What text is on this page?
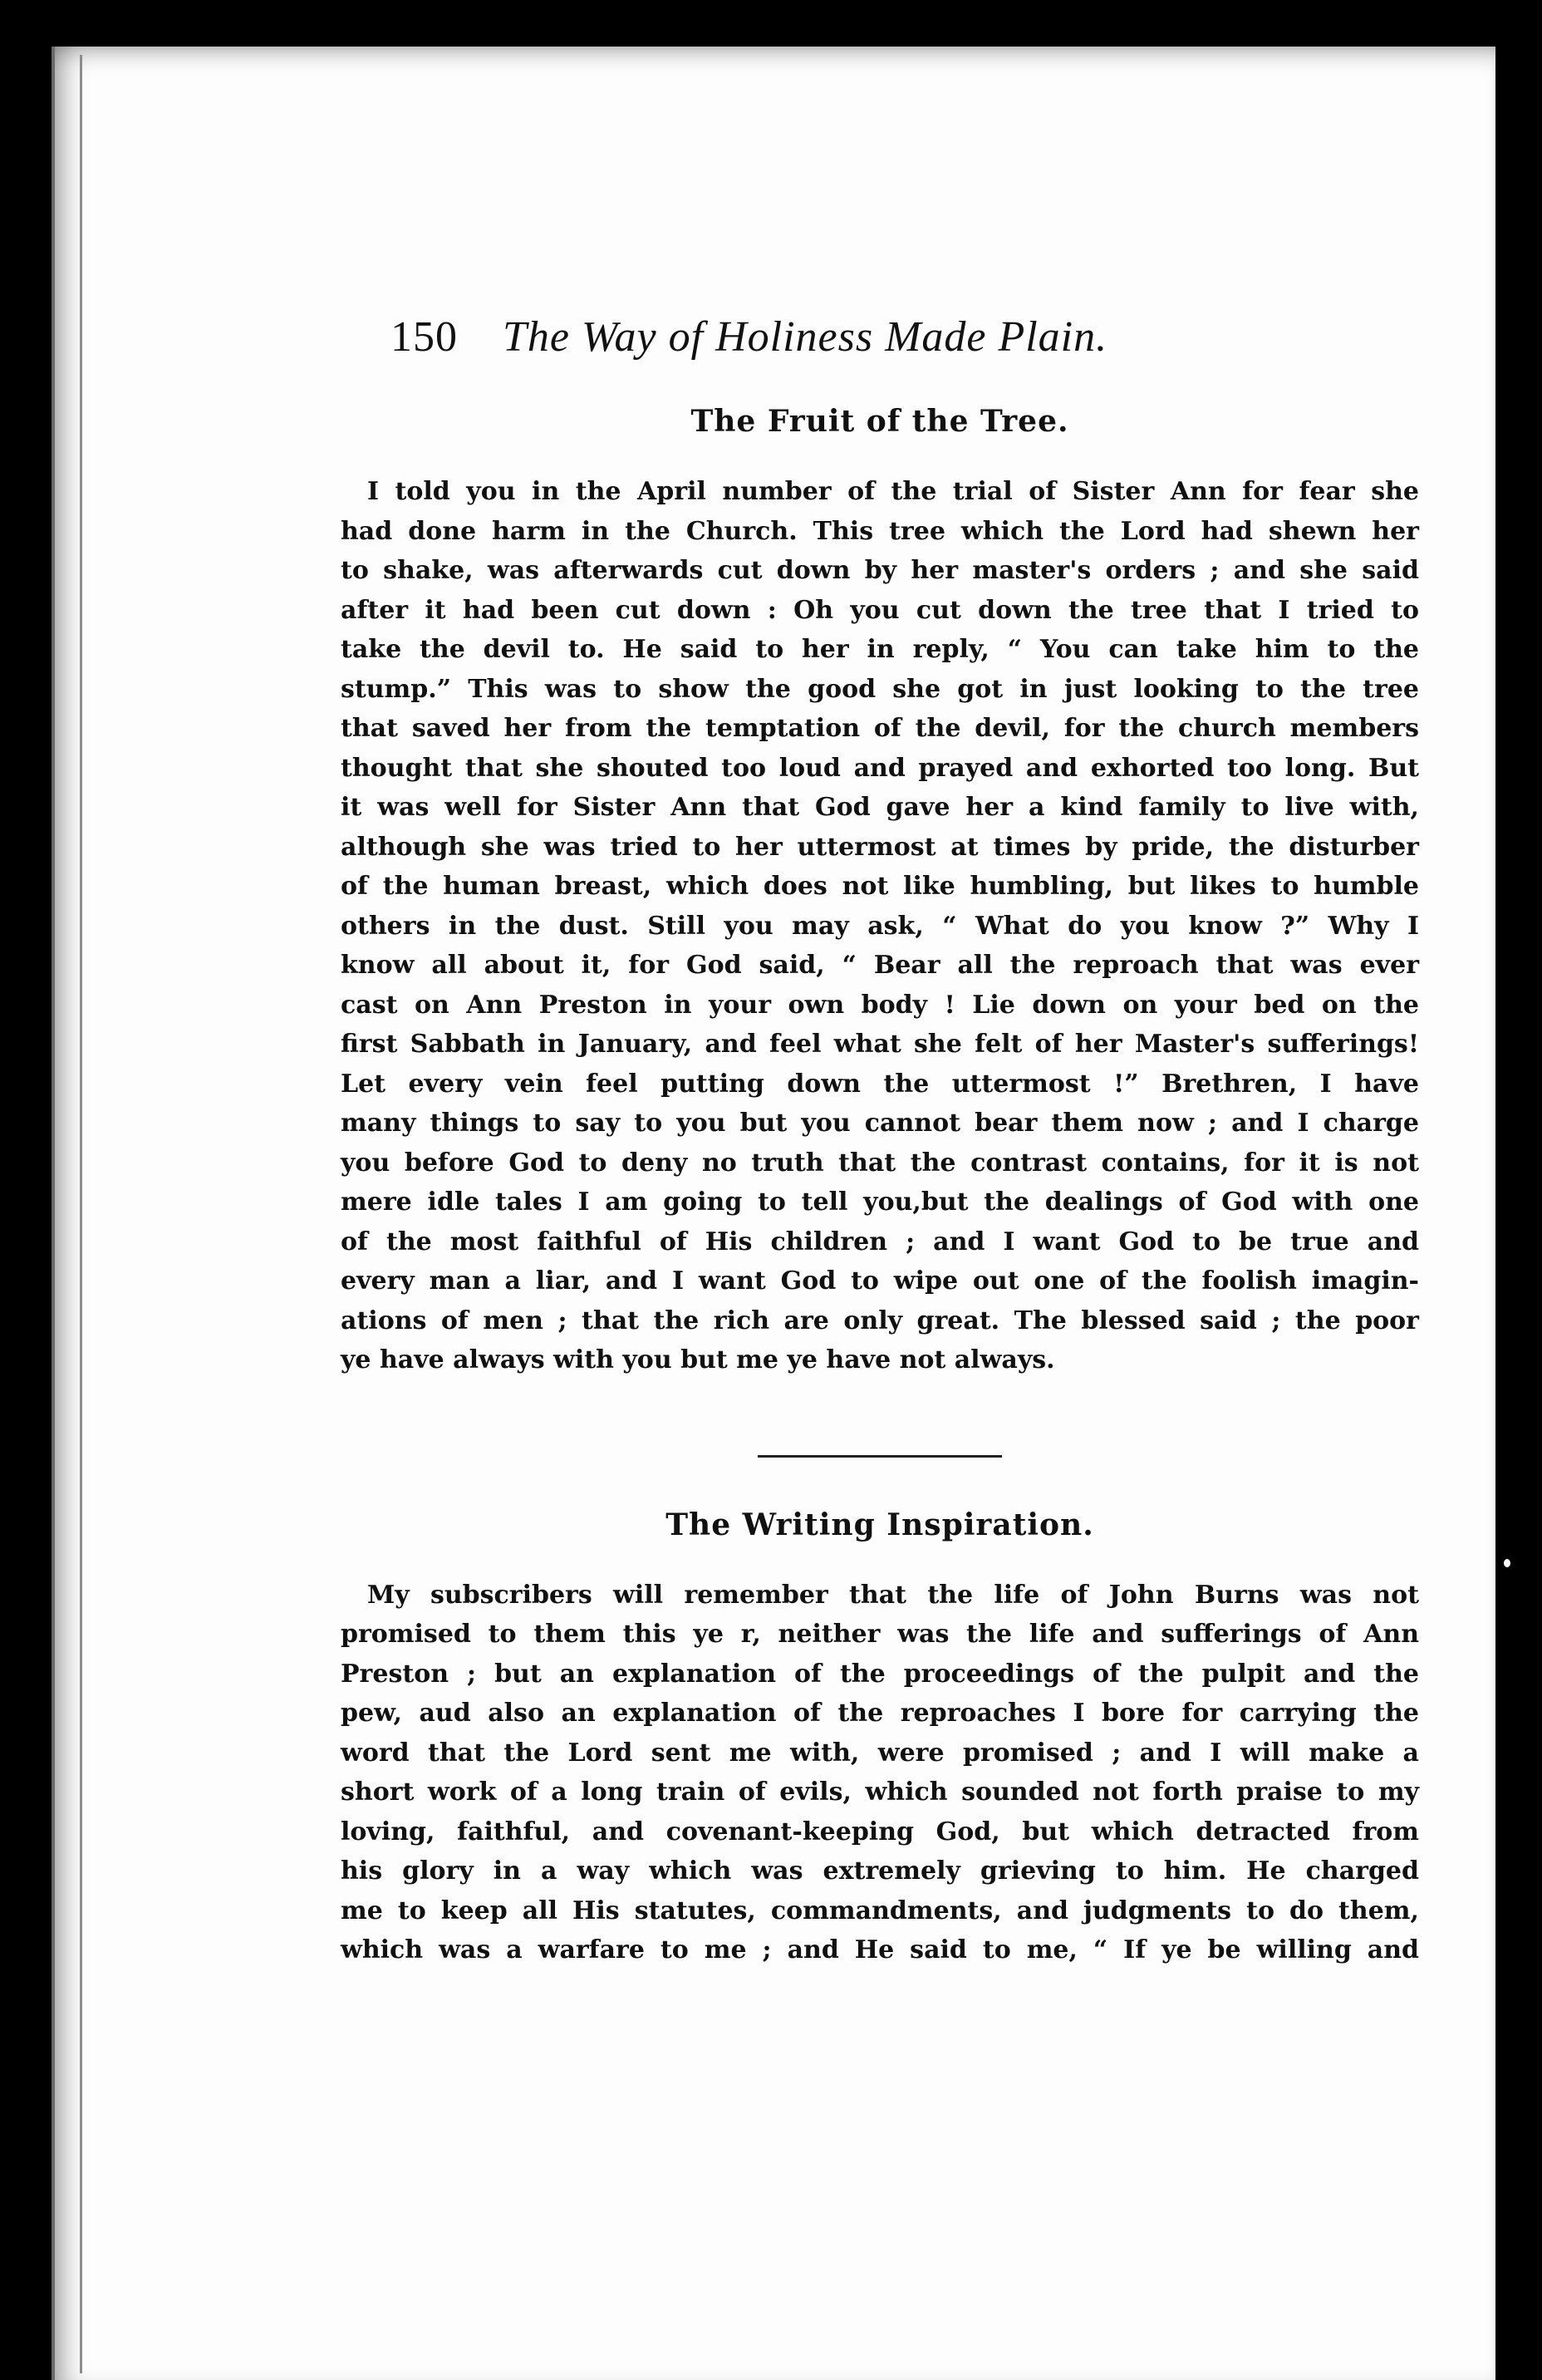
150 The Way of Holiness Made Plain.
The Fruit of the Tree.
I told you in the April number of the trial of Sister Ann for fear she
had done harm in the Church. This tree which the Lord had shewn her
to shake, was afterwards cut down by her master's orders ; and she said
after it had been cut down : Oh you cut down the tree that I tried to
take the devil to. He said to her in reply, “ You can take him to the
stump.” This was to show the good she got in just looking to the tree
that saved her from the temptation of the devil, for the church members
thought that she shouted too loud and prayed and exhorted too long. But
it was well for Sister Ann that God gave her a kind family to live with,
although she was tried to her uttermost at times by pride, the disturber
of the human breast, which does not like humbling, but likes to humble
others in the dust. Still you may ask, “ What do you know ?” Why I
know all about it, for God said, “ Bear all the reproach that was ever
cast on Ann Preston in your own body ! Lie down on your bed on the
first Sabbath in January, and feel what she felt of her Master's sufferings!
Let every vein feel putting down the uttermost !” Brethren, I have
many things to say to you but you cannot bear them now ; and I charge
you before God to deny no truth that the contrast contains, for it is not
mere idle tales I am going to tell you,but the dealings of God with one
of the most faithful of His children ; and I want God to be true and
every man a liar, and I want God to wipe out one of the foolish imagin-
ations of men ; that the rich are only great. The blessed said ; the poor
ye have always with you but me ye have not always.
The Writing Inspiration.
My subscribers will remember that the life of John Burns was not
promised to them this ye r, neither was the life and sufferings of Ann
Preston ; but an explanation of the proceedings of the pulpit and the
pew, aud also an explanation of the reproaches I bore for carrying the
word that the Lord sent me with, were promised ; and I will make a
short work of a long train of evils, which sounded not forth praise to my
loving, faithful, and covenant-keeping God, but which detracted from
his glory in a way which was extremely grieving to him. He charged
me to keep all His statutes, commandments, and judgments to do them,
which was a warfare to me ; and He said to me, “ If ye be willing and
